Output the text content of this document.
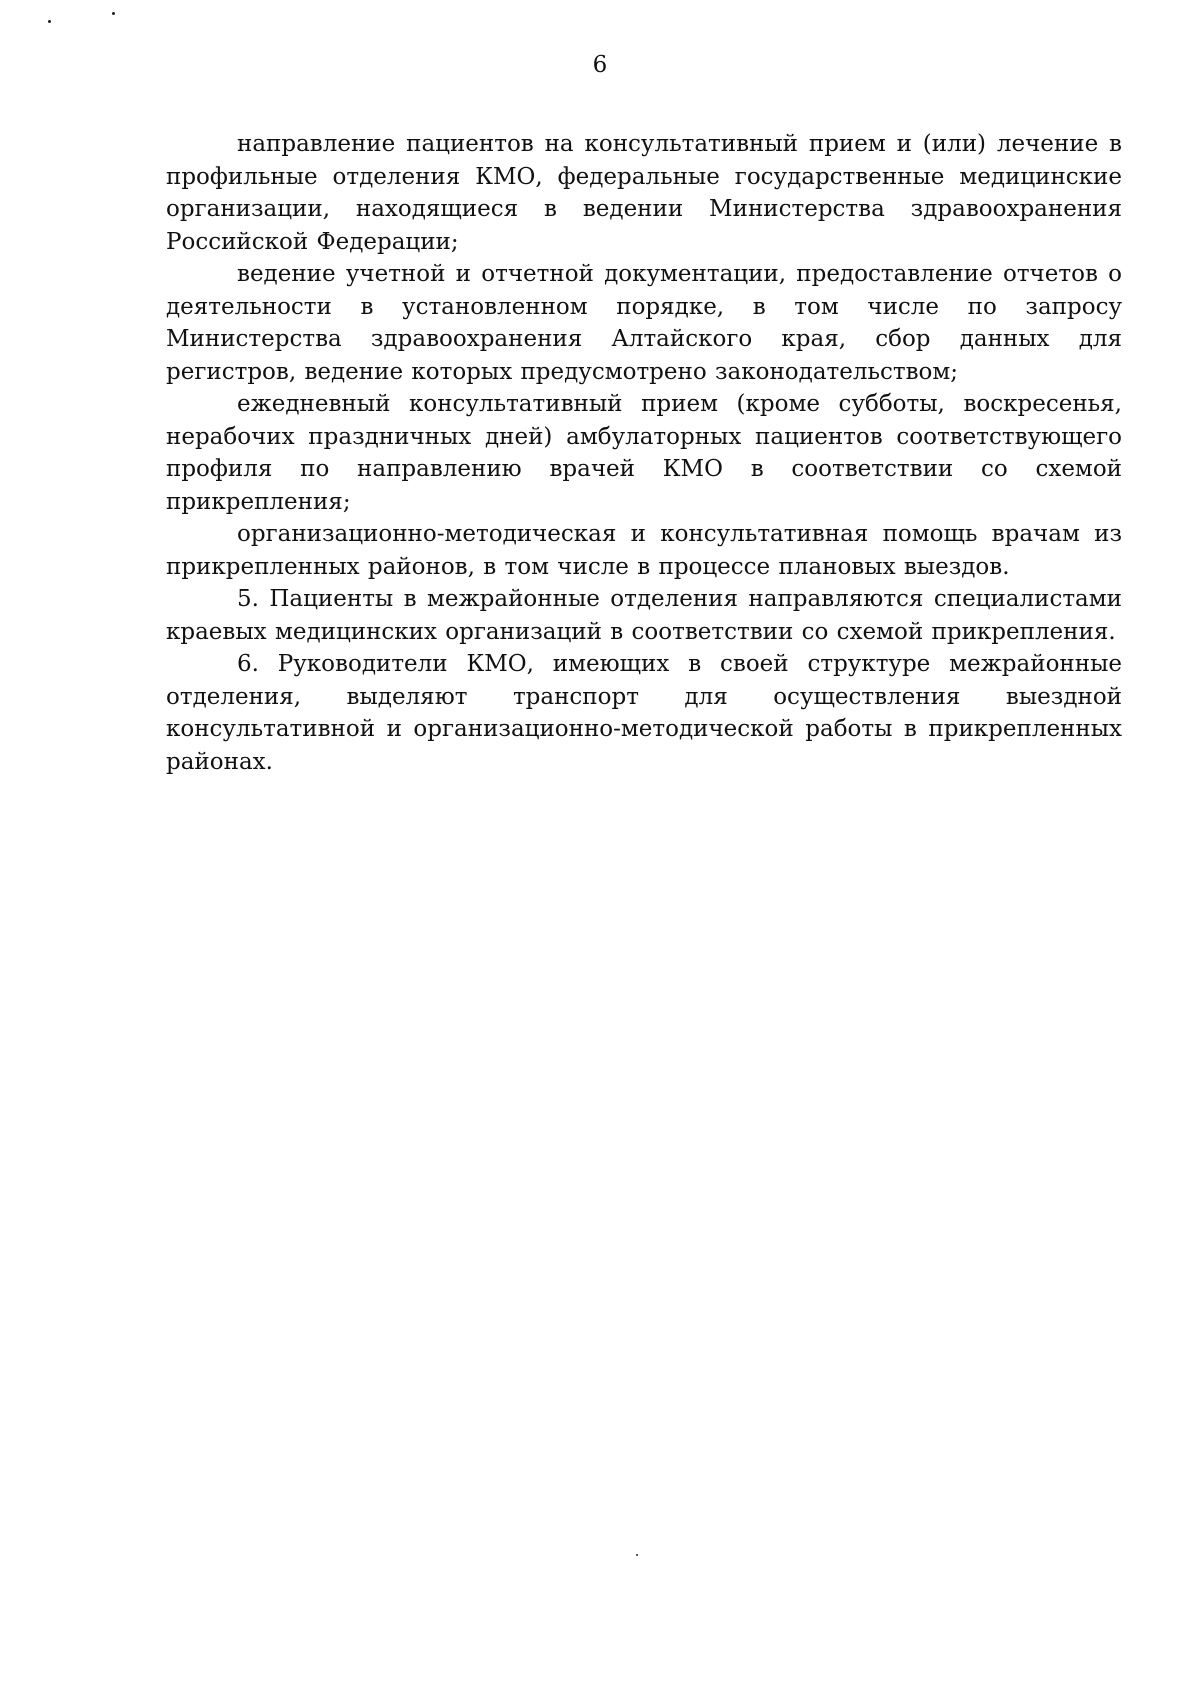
6

направление пациентов на консультативный прием и (или) лечение в профильные отделения КМО, федеральные государственные медицинские организации, находящиеся в ведении Министерства здравоохранения Российской Федерации;

ведение учетной и отчетной документации, предоставление отчетов о деятельности в установленном порядке, в том числе по запросу Министерства здравоохранения Алтайского края, сбор данных для регистров, ведение которых предусмотрено законодательством;

ежедневный консультативный прием (кроме субботы, воскресенья, нерабочих праздничных дней) амбулаторных пациентов соответствующего профиля по направлению врачей КМО в соответствии со схемой прикрепления;

организационно-методическая и консультативная помощь врачам из прикрепленных районов, в том числе в процессе плановых выездов.

5. Пациенты в межрайонные отделения направляются специалистами краевых медицинских организаций в соответствии со схемой прикрепления.

6. Руководители КМО, имеющих в своей структуре межрайонные отделения, выделяют транспорт для осуществления выездной консультативной и организационно-методической работы в прикрепленных районах.
